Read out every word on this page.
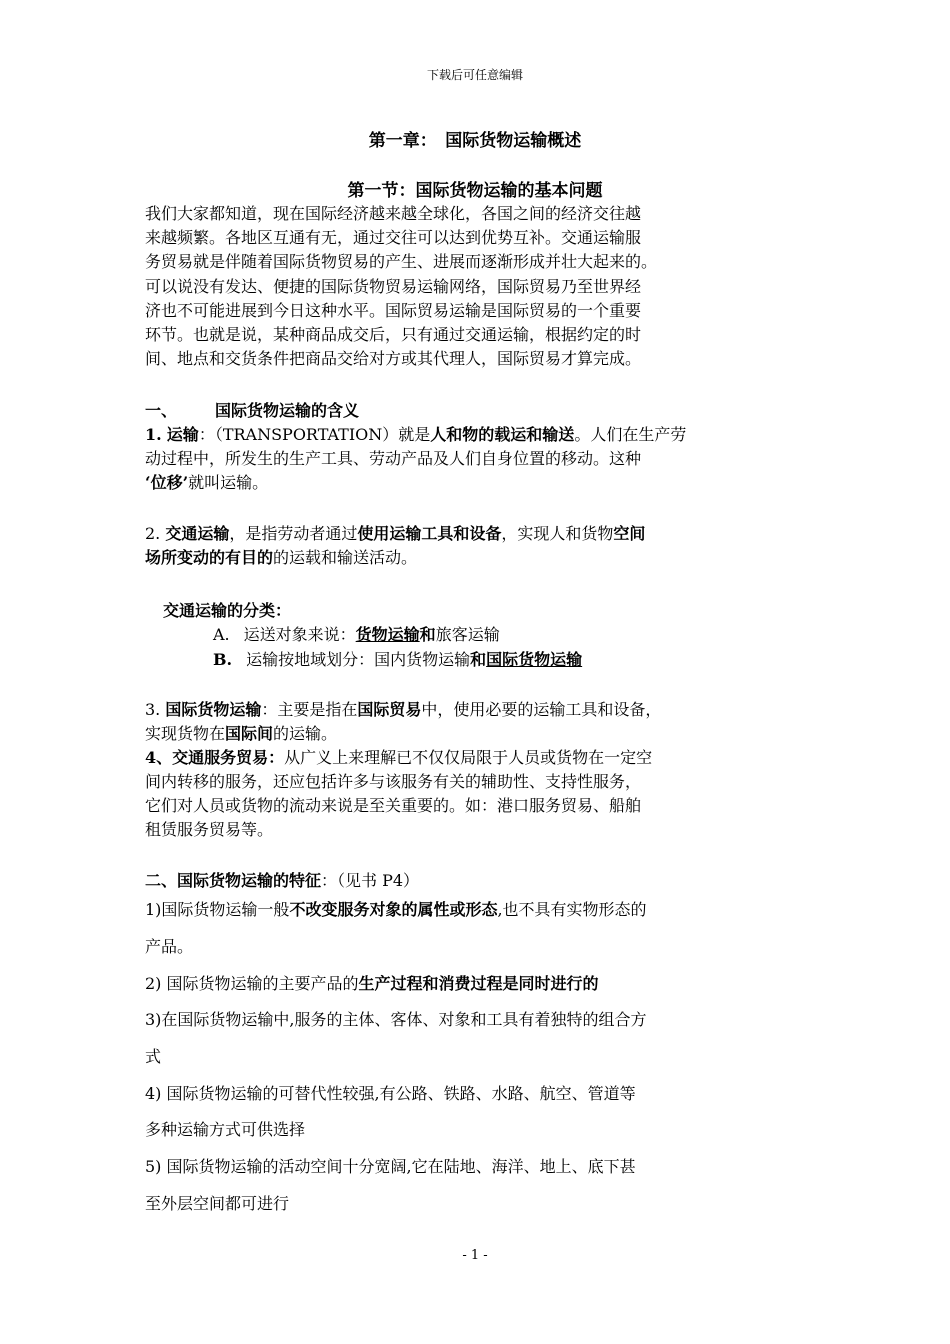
下载后可任意编辑
第一章：　国际货物运输概述
第一节：国际货物运输的基本问题
我们大家都知道，现在国际经济越来越全球化，各国之间的经济交往越
来越频繁。各地区互通有无，通过交往可以达到优势互补。交通运输服
务贸易就是伴随着国际货物贸易的产生、进展而逐渐形成并壮大起来的。
可以说没有发达、便捷的国际货物贸易运输网络，国际贸易乃至世界经
济也不可能进展到今日这种水平。国际贸易运输是国际贸易的一个重要
环节。也就是说，某种商品成交后，只有通过交通运输，根据约定的时
间、地点和交货条件把商品交给对方或其代理人，国际贸易才算完成。
一、 国际货物运输的含义
1. 运输：（TRANSPORTATION）就是人和物的载运和输送。人们在生产劳
动过程中，所发生的生产工具、劳动产品及人们自身位置的移动。这种
‘位移’就叫运输。
2. 交通运输，是指劳动者通过使用运输工具和设备，实现人和货物空间
场所变动的有目的的运载和输送活动。
交通运输的分类：
A. 运送对象来说：货物运输和旅客运输
B. 运输按地域划分：国内货物运输和国际货物运输
3. 国际货物运输：主要是指在国际贸易中，使用必要的运输工具和设备，
实现货物在国际间的运输。
4、交通服务贸易：从广义上来理解已不仅仅局限于人员或货物在一定空
间内转移的服务，还应包括许多与该服务有关的辅助性、支持性服务，
它们对人员或货物的流动来说是至关重要的。如：港口服务贸易、船舶
租赁服务贸易等。
二、国际货物运输的特征：（见书 P4）
1)国际货物运输一般不改变服务对象的属性或形态,也不具有实物形态的
产品。
2) 国际货物运输的主要产品的生产过程和消费过程是同时进行的
3)在国际货物运输中,服务的主体、客体、对象和工具有着独特的组合方
式
4) 国际货物运输的可替代性较强,有公路、铁路、水路、航空、管道等
多种运输方式可供选择
5) 国际货物运输的活动空间十分宽阔,它在陆地、海洋、地上、底下甚
至外层空间都可进行
- 1 -
